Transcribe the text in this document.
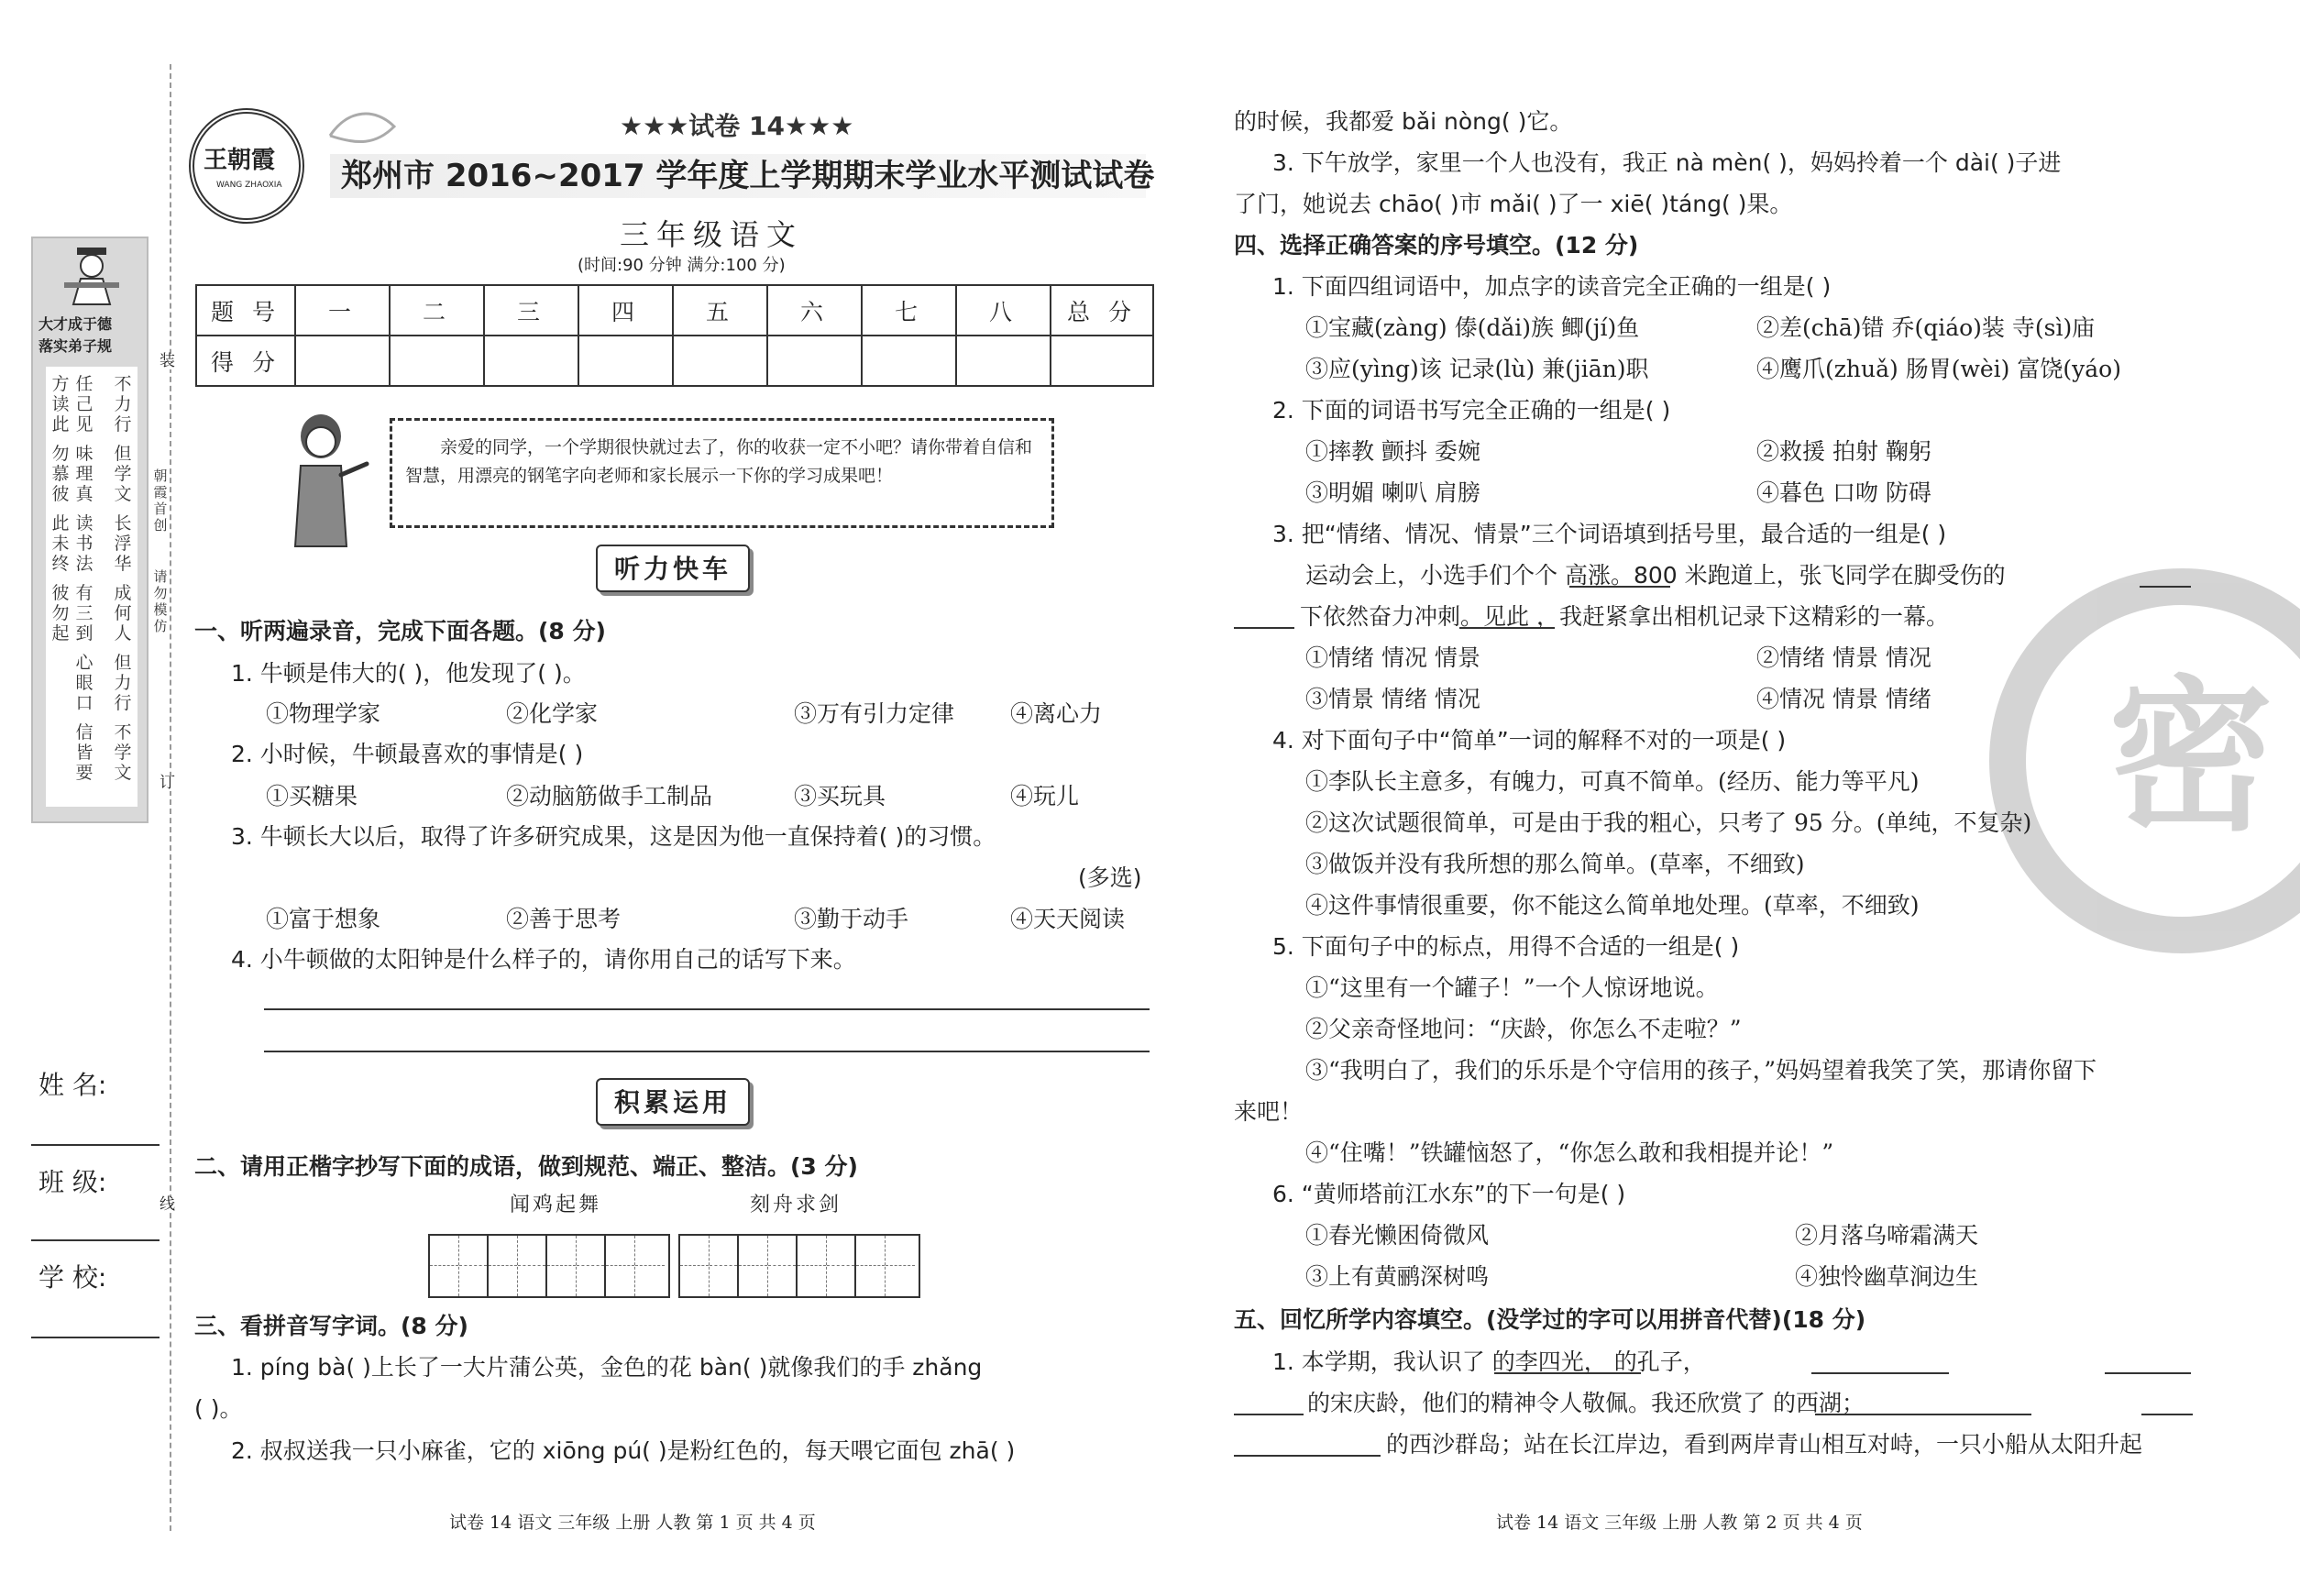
装
订
线
大才成于德
落实弟子规
方读此
任己见
不力行
勿慕彼
但学文
味理真
此未终
读书法
长浮华
彼勿起
有三到
成何人
心眼口
但力行
信皆要
不学文
朝霞首创
请勿模仿
姓 名:
班 级:
学 校:
王朝霞
WANG ZHAOXIA
★★★试卷 14★★★
郑州市 2016~2017 学年度上学期期末学业水平测试试卷
三年级语文
(时间:90 分钟 满分:100 分)
题 号	一	二	三	四	五	六	七	八	总 分
得 分									
亲爱的同学，一个学期很快就过去了，你的收获一定不小吧？请你带着自信和智慧，用漂亮的钢笔字向老师和家长展示一下你的学习成果吧！
听力快车
一、听两遍录音，完成下面各题。(8 分)
1. 牛顿是伟大的( )，他发现了( )。
①物理学家	②化学家	③万有引力定律 ④离心力
2. 小时候，牛顿最喜欢的事情是( )
①买糖果	②动脑筋做手工制品	③买玩具	④玩儿
3. 牛顿长大以后，取得了许多研究成果，这是因为他一直保持着( )的习惯。
(多选)
①富于想象	②善于思考	③勤于动手	④天天阅读
4. 小牛顿做的太阳钟是什么样子的，请你用自己的话写下来。
积累运用
二、请用正楷字抄写下面的成语，做到规范、端正、整洁。(3 分)
闻鸡起舞	刻舟求剑
三、看拼音写字词。(8 分)
1. píng bà( )上长了一大片蒲公英，金色的花 bàn( )就像我们的手 zhǎng
( )。
2. 叔叔送我一只小麻雀，它的 xiōng pú( )是粉红色的，每天喂它面包 zhā( )
试卷 14 语文 三年级 上册 人教 第 1 页 共 4 页
密
的时候，我都爱 bǎi nòng( )它。
3. 下午放学，家里一个人也没有，我正 nà mèn( )，妈妈拎着一个 dài( )子进
了门，她说去 chāo( )市 mǎi( )了一 xiē( )táng( )果。
四、选择正确答案的序号填空。(12 分)
1. 下面四组词语中，加点字的读音完全正确的一组是( )
①宝藏(zàng) 傣(dǎi)族 鲫(jí)鱼	②差(chā)错 乔(qiáo)装 寺(sì)庙
③应(yìng)该 记录(lù) 兼(jiān)职	④鹰爪(zhuǎ) 肠胃(wèi) 富饶(yáo)
2. 下面的词语书写完全正确的一组是( )
①摔教 颤抖 委婉	②救援 拍射 鞠躬
③明媚 喇叭 肩膀	④暮色 口吻 防碍
3. 把“情绪、情况、情景”三个词语填到括号里，最合适的一组是( )
运动会上，小选手们个个 高涨。800 米跑道上，张飞同学在脚受伤的
下依然奋力冲刺。见此 ，我赶紧拿出相机记录下这精彩的一幕。
①情绪 情况 情景	②情绪 情景 情况
③情景 情绪 情况	④情况 情景 情绪
4. 对下面句子中“简单”一词的解释不对的一项是( )
①李队长主意多，有魄力，可真不简单。(经历、能力等平凡)
②这次试题很简单，可是由于我的粗心，只考了 95 分。(单纯，不复杂)
③做饭并没有我所想的那么简单。(草率，不细致)
④这件事情很重要，你不能这么简单地处理。(草率，不细致)
5. 下面句子中的标点，用得不合适的一组是( )
①“这里有一个罐子！”一个人惊讶地说。
②父亲奇怪地问：“庆龄，你怎么不走啦？”
③“我明白了，我们的乐乐是个守信用的孩子，”妈妈望着我笑了笑，那请你留下
来吧！
④“住嘴！”铁罐恼怒了，“你怎么敢和我相提并论！”
6. “黄师塔前江水东”的下一句是( )
①春光懒困倚微风	②月落乌啼霜满天
③上有黄鹂深树鸣	④独怜幽草涧边生
五、回忆所学内容填空。(没学过的字可以用拼音代替)(18 分)
1. 本学期，我认识了 的李四光， 的孔子，
的宋庆龄，他们的精神令人敬佩。我还欣赏了 的西湖；
的西沙群岛；站在长江岸边，看到两岸青山相互对峙，一只小船从太阳升起
试卷 14 语文 三年级 上册 人教 第 2 页 共 4 页
